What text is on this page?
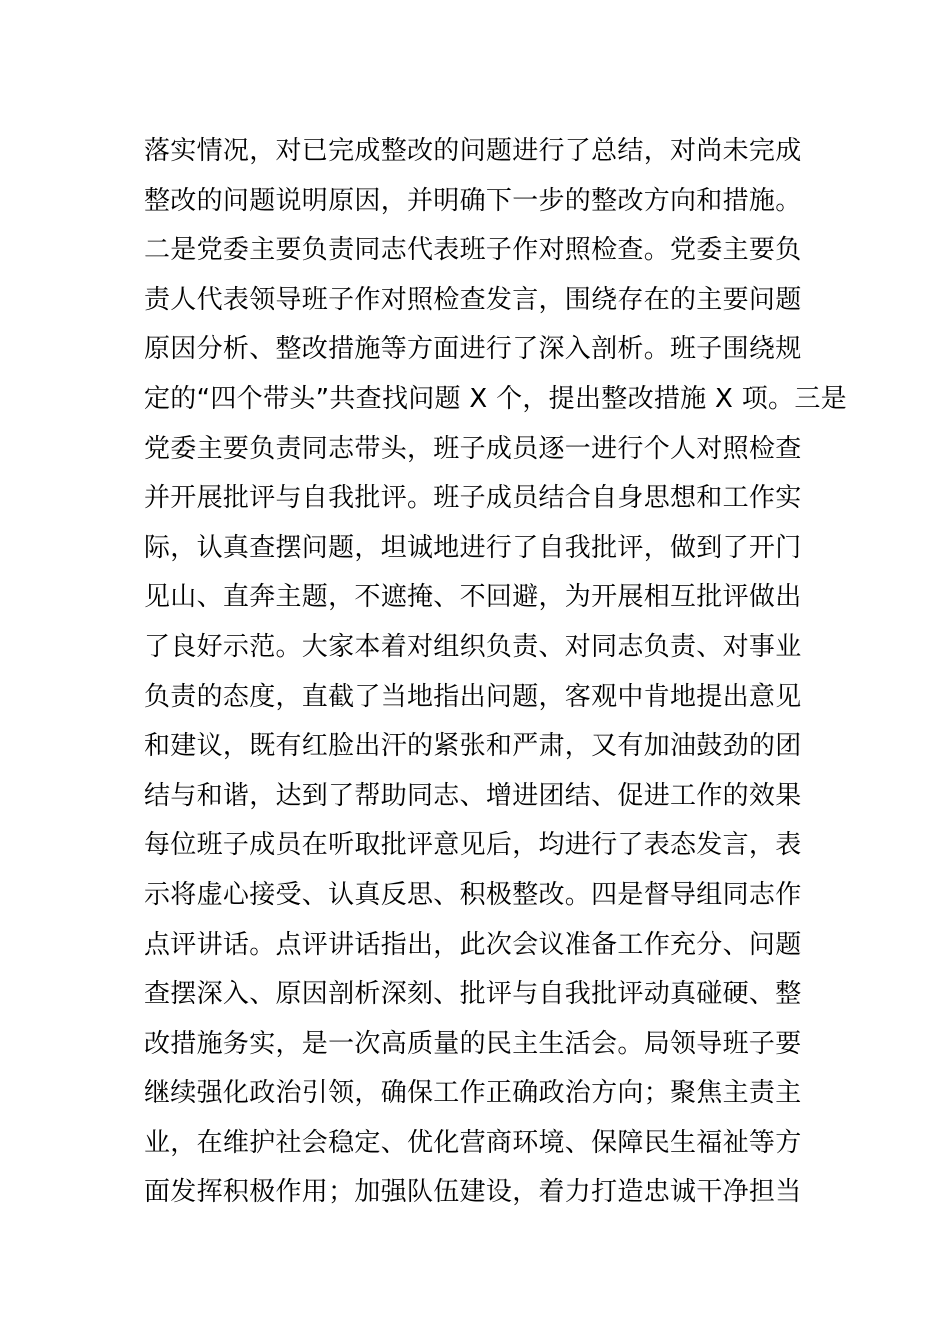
落实情况，对已完成整改的问题进行了总结，对尚未完成
整改的问题说明原因，并明确下一步的整改方向和措施。
二是党委主要负责同志代表班子作对照检查。党委主要负
责人代表领导班子作对照检查发言，围绕存在的主要问题
原因分析、整改措施等方面进行了深入剖析。班子围绕规
定的“四个带头”共查找问题 X 个，提出整改措施 X 项。三是
党委主要负责同志带头，班子成员逐一进行个人对照检查
并开展批评与自我批评。班子成员结合自身思想和工作实
际，认真查摆问题，坦诚地进行了自我批评，做到了开门
见山、直奔主题，不遮掩、不回避，为开展相互批评做出
了良好示范。大家本着对组织负责、对同志负责、对事业
负责的态度，直截了当地指出问题，客观中肯地提出意见
和建议，既有红脸出汗的紧张和严肃，又有加油鼓劲的团
结与和谐，达到了帮助同志、增进团结、促进工作的效果
每位班子成员在听取批评意见后，均进行了表态发言，表
示将虚心接受、认真反思、积极整改。四是督导组同志作
点评讲话。点评讲话指出，此次会议准备工作充分、问题
查摆深入、原因剖析深刻、批评与自我批评动真碰硬、整
改措施务实，是一次高质量的民主生活会。局领导班子要
继续强化政治引领，确保工作正确政治方向；聚焦主责主
业，在维护社会稳定、优化营商环境、保障民生福祉等方
面发挥积极作用；加强队伍建设，着力打造忠诚干净担当
